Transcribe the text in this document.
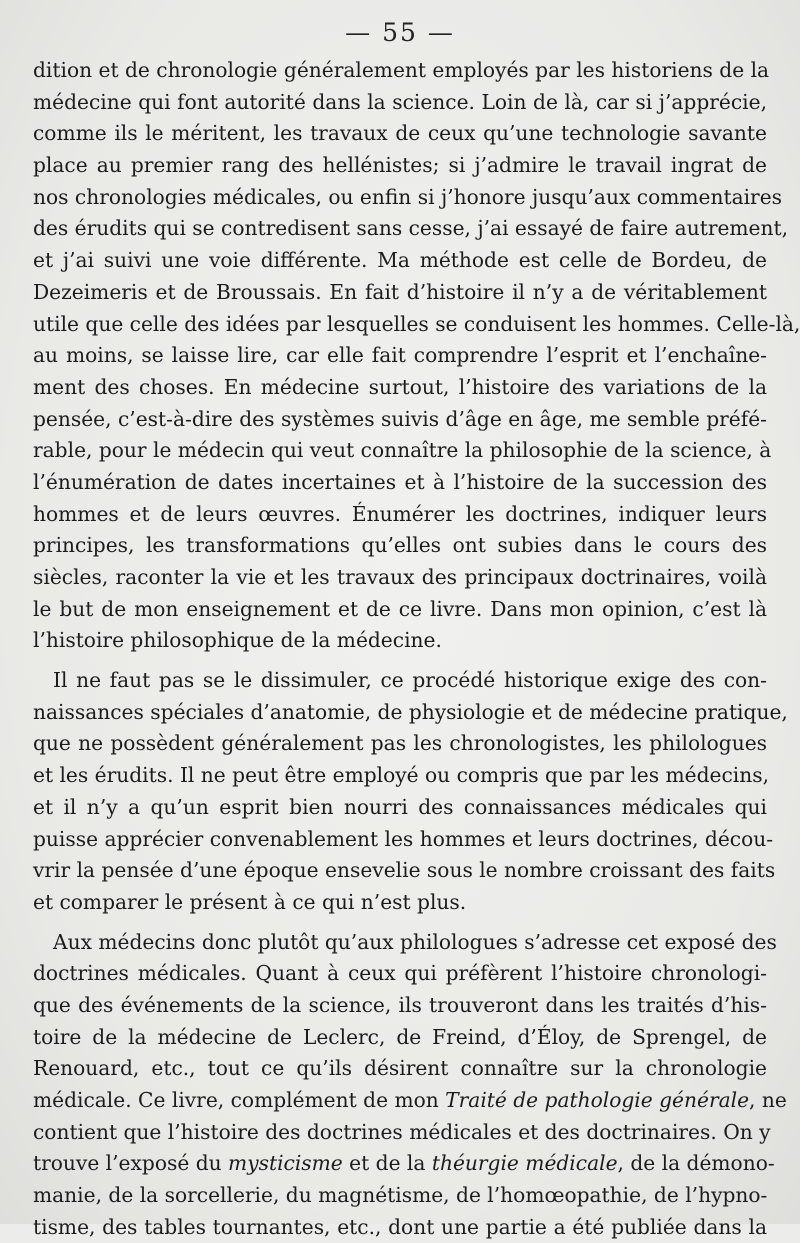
— 55 —
dition et de chronologie généralement employés par les historiens de la
médecine qui font autorité dans la science. Loin de là, car si j’apprécie,
comme ils le méritent, les travaux de ceux qu’une technologie savante
place au premier rang des hellénistes; si j’admire le travail ingrat de
nos chronologies médicales, ou enfin si j’honore jusqu’aux commentaires
des érudits qui se contredisent sans cesse, j’ai essayé de faire autrement,
et j’ai suivi une voie différente. Ma méthode est celle de Bordeu, de
Dezeimeris et de Broussais. En fait d’histoire il n’y a de véritablement
utile que celle des idées par lesquelles se conduisent les hommes. Celle-là,
au moins, se laisse lire, car elle fait comprendre l’esprit et l’enchaîne-
ment des choses. En médecine surtout, l’histoire des variations de la
pensée, c’est-à-dire des systèmes suivis d’âge en âge, me semble préfé-
rable, pour le médecin qui veut connaître la philosophie de la science, à
l’énumération de dates incertaines et à l’histoire de la succession des
hommes et de leurs œuvres. Énumérer les doctrines, indiquer leurs
principes, les transformations qu’elles ont subies dans le cours des
siècles, raconter la vie et les travaux des principaux doctrinaires, voilà
le but de mon enseignement et de ce livre. Dans mon opinion, c’est là
l’histoire philosophique de la médecine.
Il ne faut pas se le dissimuler, ce procédé historique exige des con-
naissances spéciales d’anatomie, de physiologie et de médecine pratique,
que ne possèdent généralement pas les chronologistes, les philologues
et les érudits. Il ne peut être employé ou compris que par les médecins,
et il n’y a qu’un esprit bien nourri des connaissances médicales qui
puisse apprécier convenablement les hommes et leurs doctrines, décou-
vrir la pensée d’une époque ensevelie sous le nombre croissant des faits
et comparer le présent à ce qui n’est plus.
Aux médecins donc plutôt qu’aux philologues s’adresse cet exposé des
doctrines médicales. Quant à ceux qui préfèrent l’histoire chronologi-
que des événements de la science, ils trouveront dans les traités d’his-
toire de la médecine de Leclerc, de Freind, d’Éloy, de Sprengel, de
Renouard, etc., tout ce qu’ils désirent connaître sur la chronologie
médicale. Ce livre, complément de mon Traité de pathologie générale, ne
contient que l’histoire des doctrines médicales et des doctrinaires. On y
trouve l’exposé du mysticisme et de la théurgie médicale, de la démono-
manie, de la sorcellerie, du magnétisme, de l’homœopathie, de l’hypno-
tisme, des tables tournantes, etc., dont une partie a été publiée dans la
